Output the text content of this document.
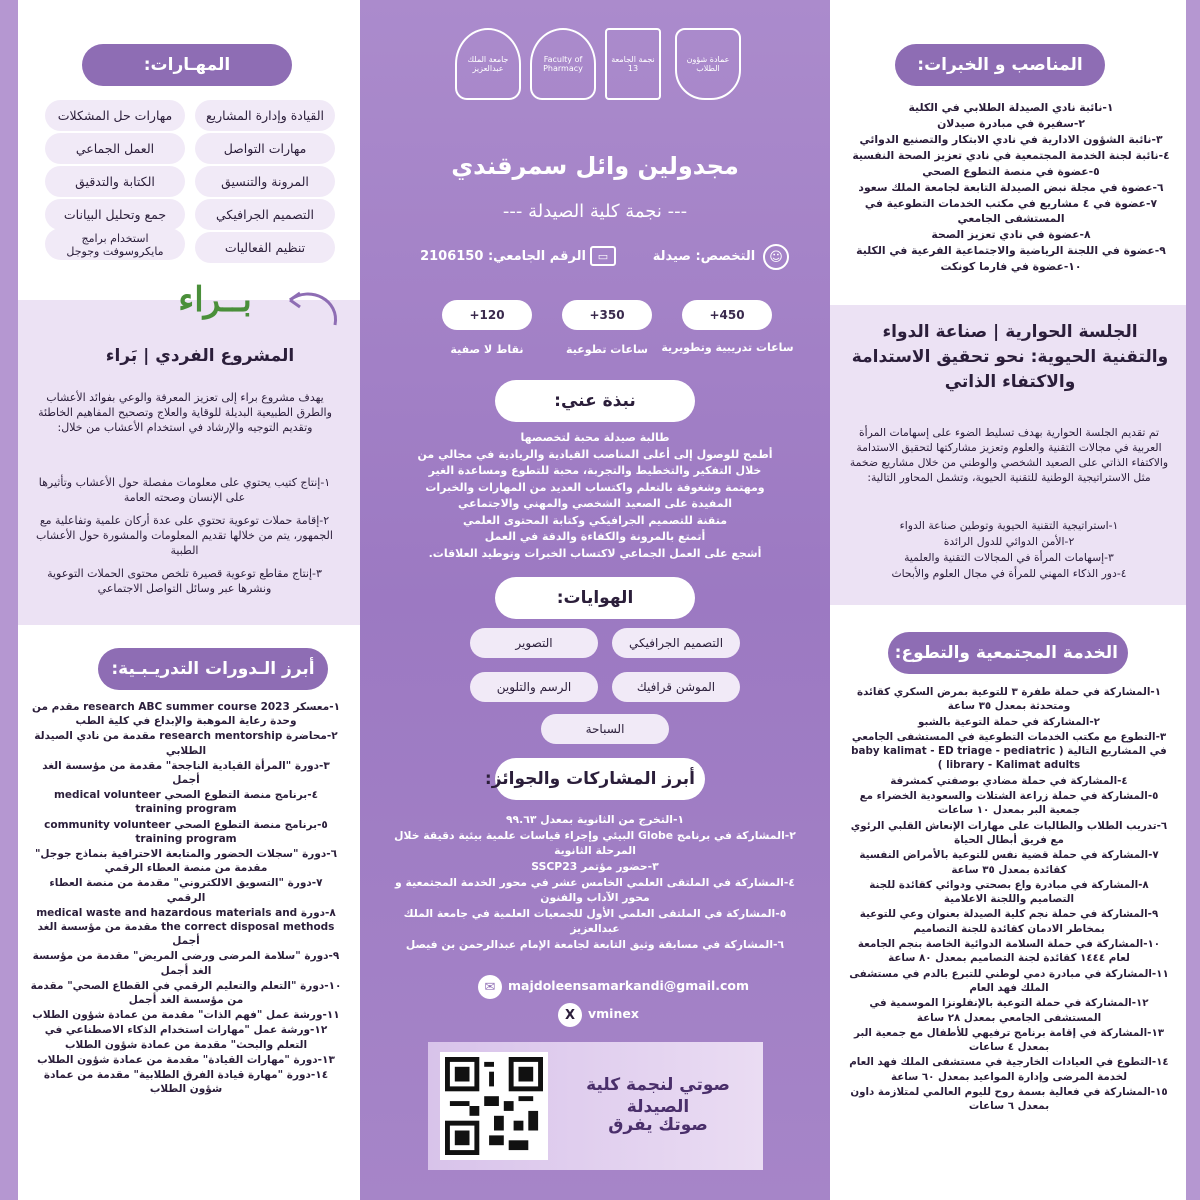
المهـارات:
القيادة وإدارة المشاريع
مهارات حل المشكلات
مهارات التواصل
العمل الجماعي
المرونة والتنسيق
الكتابة والتدقيق
التصميم الجرافيكي
جمع وتحليل البيانات
تنظيم الفعاليات
استخدام برامج مايكروسوفت وجوجل
بــراء
المشروع الفردي | بَراء
يهدف مشروع براء إلى تعزيز المعرفة والوعي بفوائد الأعشاب والطرق الطبيعية البديلة للوقاية والعلاج وتصحيح المفاهيم الخاطئة وتقديم التوجيه والإرشاد في استخدام الأعشاب من خلال:
١-إنتاج كتيب يحتوي على معلومات مفصلة حول الأعشاب وتأثيرها على الإنسان وصحته العامة
٢-إقامة حملات توعوية تحتوي على عدة أركان علمية وتفاعلية مع الجمهور، يتم من خلالها تقديم المعلومات والمشورة حول الأعشاب الطبية
٣-إنتاج مقاطع توعوية قصيرة تلخص محتوى الحملات التوعوية ونشرها عبر وسائل التواصل الاجتماعي
أبرز الـدورات التدريـبـية:
١-معسكر research ABC summer course 2023 مقدم من وحدة رعاية الموهبة والإبداع في كلية الطب
٢-محاضرة research mentorship مقدمة من نادي الصيدلة الطلابي
٣-دورة "المرأة القيادية الناجحة" مقدمة من مؤسسة الغد أجمل
٤-برنامج منصة التطوع الصحي medical volunteer training program
٥-برنامج منصة التطوع الصحي community volunteer training program
٦-دورة "سجلات الحضور والمتابعة الاحترافية بنماذج جوجل" مقدمة من منصة العطاء الرقمي
٧-دورة "التسويق الالكتروني" مقدمة من منصة العطاء الرقمي
٨-دورة medical waste and hazardous materials and the correct disposal methods مقدمة من مؤسسة الغد أجمل
٩-دورة "سلامة المرضى ورضى المريض" مقدمة من مؤسسة الغد أجمل
١٠-دورة "التعلم والتعليم الرقمي في القطاع الصحي" مقدمة من مؤسسة الغد أجمل
١١-ورشة عمل "فهم الذات" مقدمة من عمادة شؤون الطلاب
١٢-ورشة عمل "مهارات استخدام الذكاء الاصطناعي في التعلم والبحث" مقدمة من عمادة شؤون الطلاب
١٣-دورة "مهارات القيادة" مقدمة من عمادة شؤون الطلاب
١٤-دورة "مهارة قيادة الفرق الطلابية" مقدمة من عمادة شؤون الطلاب
عمادة شؤون الطلاب
نجمة الجامعة 13
Faculty of Pharmacy
جامعة الملك عبدالعزيز
مجدولين وائل سمرقندي
--- نجمة كلية الصيدلة ---
☺
التخصص: صيدلة
▭
الرقم الجامعي: 2106150
450+
350+
120+
ساعات تدريبية وتطويرية
ساعات تطوعية
نقاط لا صفية
نبذة عني:
طالبة صيدلة محبة لتخصصها
أطمح للوصول إلى أعلى المناصب القيادية والريادية في مجالي من
خلال التفكير والتخطيط والتجربة، محبة للتطوع ومساعدة الغير
ومهتمة وشغوفة بالتعلم واكتساب العديد من المهارات والخبرات
المفيدة على الصعيد الشخصي والمهني والاجتماعي
متقنة للتصميم الجرافيكي وكتابة المحتوى العلمي
أتمتع بالمرونة والكفاءة والدقة في العمل
أشجع على العمل الجماعي لاكتساب الخبرات وتوطيد العلاقات.
الهوايات:
التصميم الجرافيكي
التصوير
الموشن قرافيك
الرسم والتلوين
السباحة
أبرز المشاركات والجوائز:
١-التخرج من الثانوية بمعدل ٩٩.٦٣
٢-المشاركة في برنامج Globe البيئي وإجراء قياسات علمية بيئية دقيقة خلال المرحلة الثانوية
٣-حضور مؤتمر SSCP23
٤-المشاركة في الملتقى العلمي الخامس عشر في محور الخدمة المجتمعية و محور الآداب والفنون
٥-المشاركة في الملتقى العلمي الأول للجمعيات العلمية في جامعة الملك عبدالعزيز
٦-المشاركة في مسابقة وثيق التابعة لجامعة الإمام عبدالرحمن بن فيصل
✉	majdoleensamarkandi@gmail.com
X	vminex
صوتي لنجمة كلية الصيدلة
صوتك يفرق
المناصب و الخبرات:
١-نائبة نادي الصيدلة الطلابي في الكلية
٢-سفيرة في مبادرة صيدلان
٣-نائبة الشؤون الادارية في نادي الابتكار والتصنيع الدوائي
٤-نائبة لجنة الخدمة المجتمعية في نادي تعزيز الصحة النفسية
٥-عضوة في منصة التطوع الصحي
٦-عضوة في مجلة نبض الصيدلة التابعة لجامعة الملك سعود
٧-عضوة في ٤ مشاريع في مكتب الخدمات التطوعية في المستشفى الجامعي
٨-عضوة في نادي تعزيز الصحة
٩-عضوة في اللجنة الرياضية والاجتماعية الفرعية في الكلية
١٠-عضوة في فارما كونكت
الجلسة الحوارية | صناعة الدواء والتقنية الحيوية: نحو تحقيق الاستدامة والاكتفاء الذاتي
تم تقديم الجلسة الحوارية بهدف تسليط الضوء على إسهامات المرأة العربية في مجالات التقنية والعلوم وتعزيز مشاركتها لتحقيق الاستدامة والاكتفاء الذاتي على الصعيد الشخصي والوطني من خلال مشاريع ضخمة مثل الاستراتيجية الوطنية للتقنية الحيوية، وتشمل المحاور التالية:
١-استراتيجية التقنية الحيوية وتوطين صناعة الدواء
٢-الأمن الدوائي للدول الرائدة
٣-إسهامات المرأة في المجالات التقنية والعلمية
٤-دور الذكاء المهني للمرأة في مجال العلوم والأبحاث
الخدمة المجتمعية والتطوع:
١-المشاركة في حملة طفرة ٣ للتوعية بمرض السكري كقائدة ومتحدثة بمعدل ٣٥ ساعة
٢-المشاركة في حملة التوعية بالشبو
٣-التطوع مع مكتب الخدمات التطوعية في المستشفى الجامعي في المشاريع التالية ( baby kalimat - ED triage - pediatric library - Kalimat adults )
٤-المشاركة في حملة مضادي بوصفتي كمشرفة
٥-المشاركة في حملة زراعة الشتلات والسعودية الخضراء مع جمعية البر بمعدل ١٠ ساعات
٦-تدريب الطلاب والطالبات على مهارات الإنعاش القلبي الرئوي مع فريق أبطال الحياة
٧-المشاركة في حملة قضية نفس للتوعية بالأمراض النفسية كقائدة بمعدل ٣٥ ساعة
٨-المشاركة في مبادرة واع بصحتي ودوائي كقائدة للجنة التصاميم واللجنة الاعلامية
٩-المشاركة في حملة نجم كلية الصيدلة بعنوان وعي للتوعية بمخاطر الادمان كقائدة للجنة التصاميم
١٠-المشاركة في حملة السلامة الدوائية الخاصة بنجم الجامعة لعام ١٤٤٤ كقائدة لجنة التصاميم بمعدل ٨٠ ساعة
١١-المشاركة في مبادرة دمي لوطني للتبرع بالدم في مستشفى الملك فهد العام
١٢-المشاركة في حملة التوعية بالإنفلونزا الموسمية في المستشفى الجامعي بمعدل ٢٨ ساعة
١٣-المشاركة في إقامة برنامج ترفيهي للأطفال مع جمعية البر بمعدل ٤ ساعات
١٤-التطوع في العيادات الخارجية في مستشفى الملك فهد العام لخدمة المرضى وإدارة المواعيد بمعدل ٦٠ ساعة
١٥-المشاركة في فعالية بسمة روح لليوم العالمي لمتلازمة داون بمعدل ٦ ساعات
